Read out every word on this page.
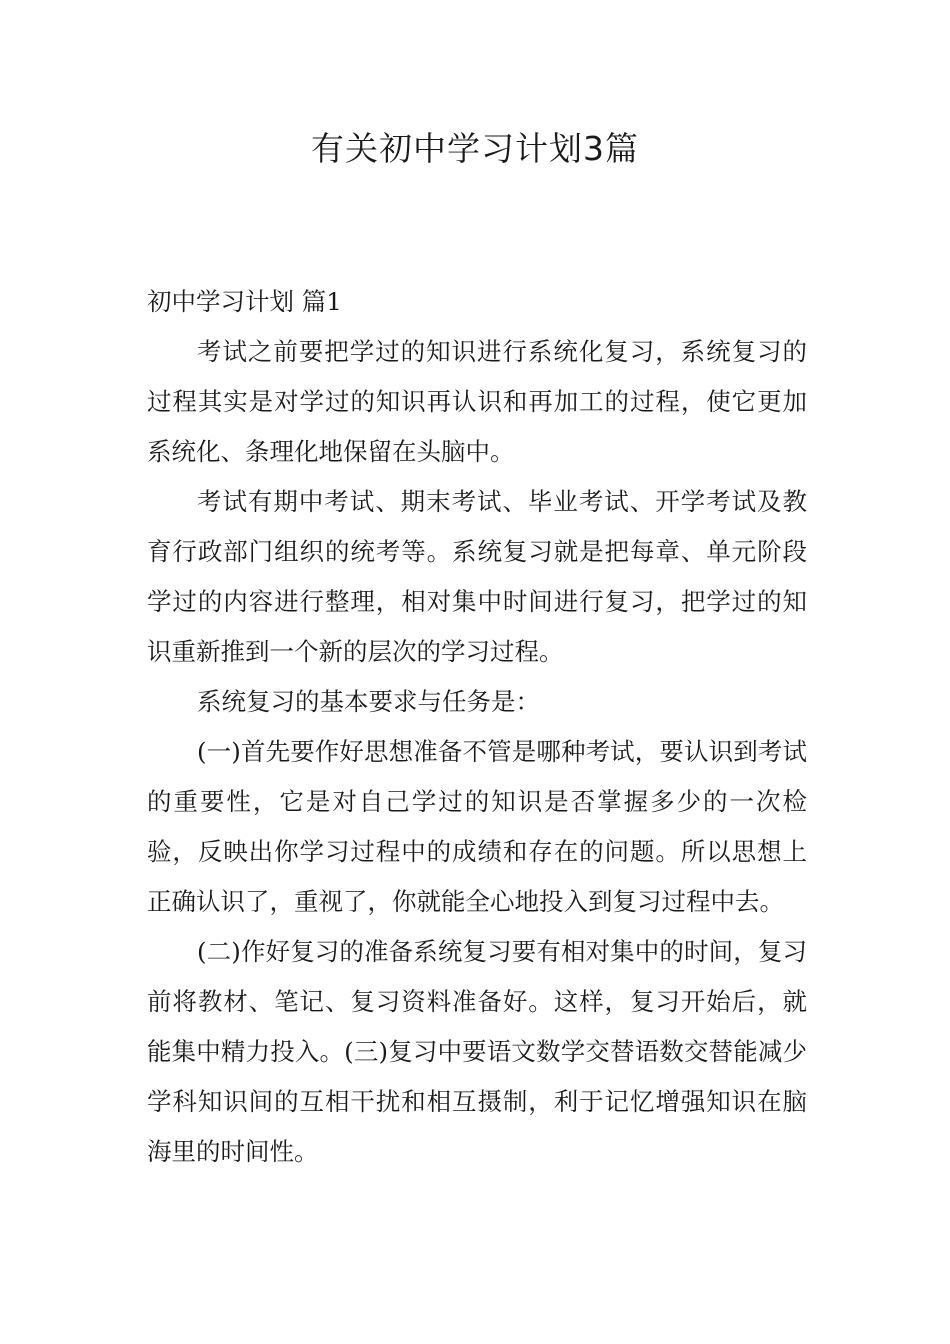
有关初中学习计划3篇

初中学习计划 篇1

考试之前要把学过的知识进行系统化复习，系统复习的过程其实是对学过的知识再认识和再加工的过程，使它更加系统化、条理化地保留在头脑中。

考试有期中考试、期末考试、毕业考试、开学考试及教育行政部门组织的统考等。系统复习就是把每章、单元阶段学过的内容进行整理，相对集中时间进行复习，把学过的知识重新推到一个新的层次的学习过程。

系统复习的基本要求与任务是：

(一)首先要作好思想准备不管是哪种考试，要认识到考试的重要性，它是对自己学过的知识是否掌握多少的一次检验，反映出你学习过程中的成绩和存在的问题。所以思想上正确认识了，重视了，你就能全心地投入到复习过程中去。

(二)作好复习的准备系统复习要有相对集中的时间，复习前将教材、笔记、复习资料准备好。这样，复习开始后，就能集中精力投入。(三)复习中要语文数学交替语数交替能减少学科知识间的互相干扰和相互摄制，利于记忆增强知识在脑海里的时间性。
